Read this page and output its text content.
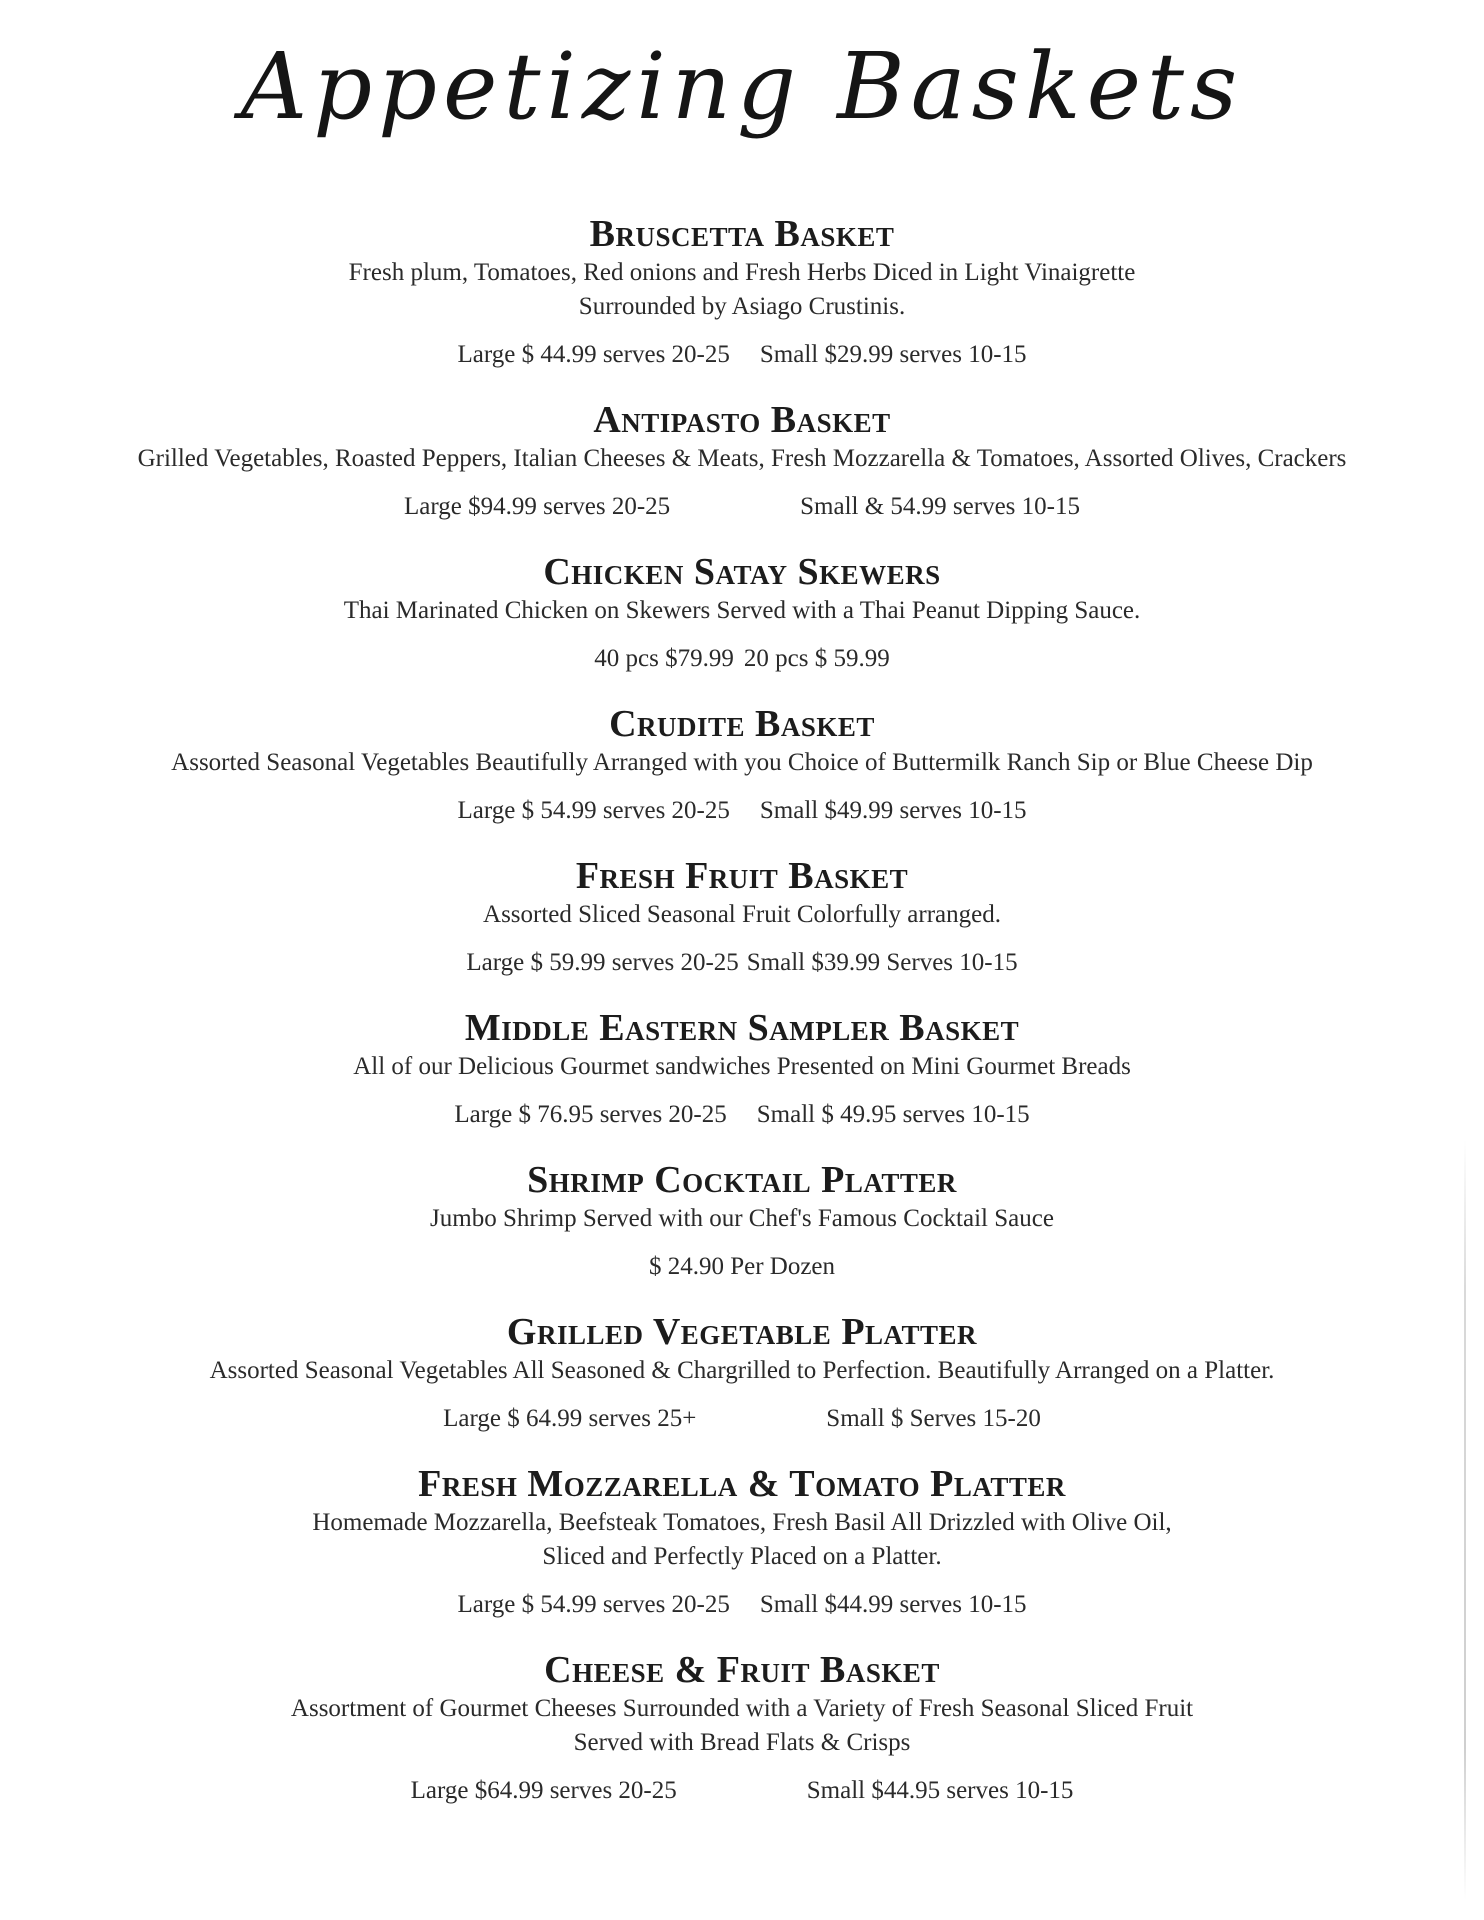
Appetizing Baskets
Bruscetta Basket
Fresh plum, Tomatoes, Red onions and Fresh Herbs Diced in Light Vinaigrette
Surrounded by Asiago Crustinis.
Large $ 44.99 serves 20-25 Small $29.99 serves 10-15
Antipasto Basket
Grilled Vegetables, Roasted Peppers, Italian Cheeses & Meats, Fresh Mozzarella & Tomatoes, Assorted Olives, Crackers
Large $94.99 serves 20-25	Small & 54.99 serves 10-15
Chicken Satay Skewers
Thai Marinated Chicken on Skewers Served with a Thai Peanut Dipping Sauce.
40 pcs $79.99 20 pcs $ 59.99
Crudite Basket
Assorted Seasonal Vegetables Beautifully Arranged with you Choice of Buttermilk Ranch Sip or Blue Cheese Dip
Large $ 54.99 serves 20-25 Small $49.99 serves 10-15
Fresh Fruit Basket
Assorted Sliced Seasonal Fruit Colorfully arranged.
Large $ 59.99 serves 20-25 Small $39.99 Serves 10-15
Middle Eastern Sampler Basket
All of our Delicious Gourmet sandwiches Presented on Mini Gourmet Breads
Large $ 76.95 serves 20-25 Small $ 49.95 serves 10-15
Shrimp Cocktail Platter
Jumbo Shrimp Served with our Chef's Famous Cocktail Sauce
$ 24.90 Per Dozen
Grilled Vegetable Platter
Assorted Seasonal Vegetables All Seasoned & Chargrilled to Perfection. Beautifully Arranged on a Platter.
Large $ 64.99 serves 25+	Small $ Serves 15-20
Fresh Mozzarella & Tomato Platter
Homemade Mozzarella, Beefsteak Tomatoes, Fresh Basil All Drizzled with Olive Oil,
Sliced and Perfectly Placed on a Platter.
Large $ 54.99 serves 20-25 Small $44.99 serves 10-15
Cheese & Fruit Basket
Assortment of Gourmet Cheeses Surrounded with a Variety of Fresh Seasonal Sliced Fruit
Served with Bread Flats & Crisps
Large $64.99 serves 20-25	Small $44.95 serves 10-15
